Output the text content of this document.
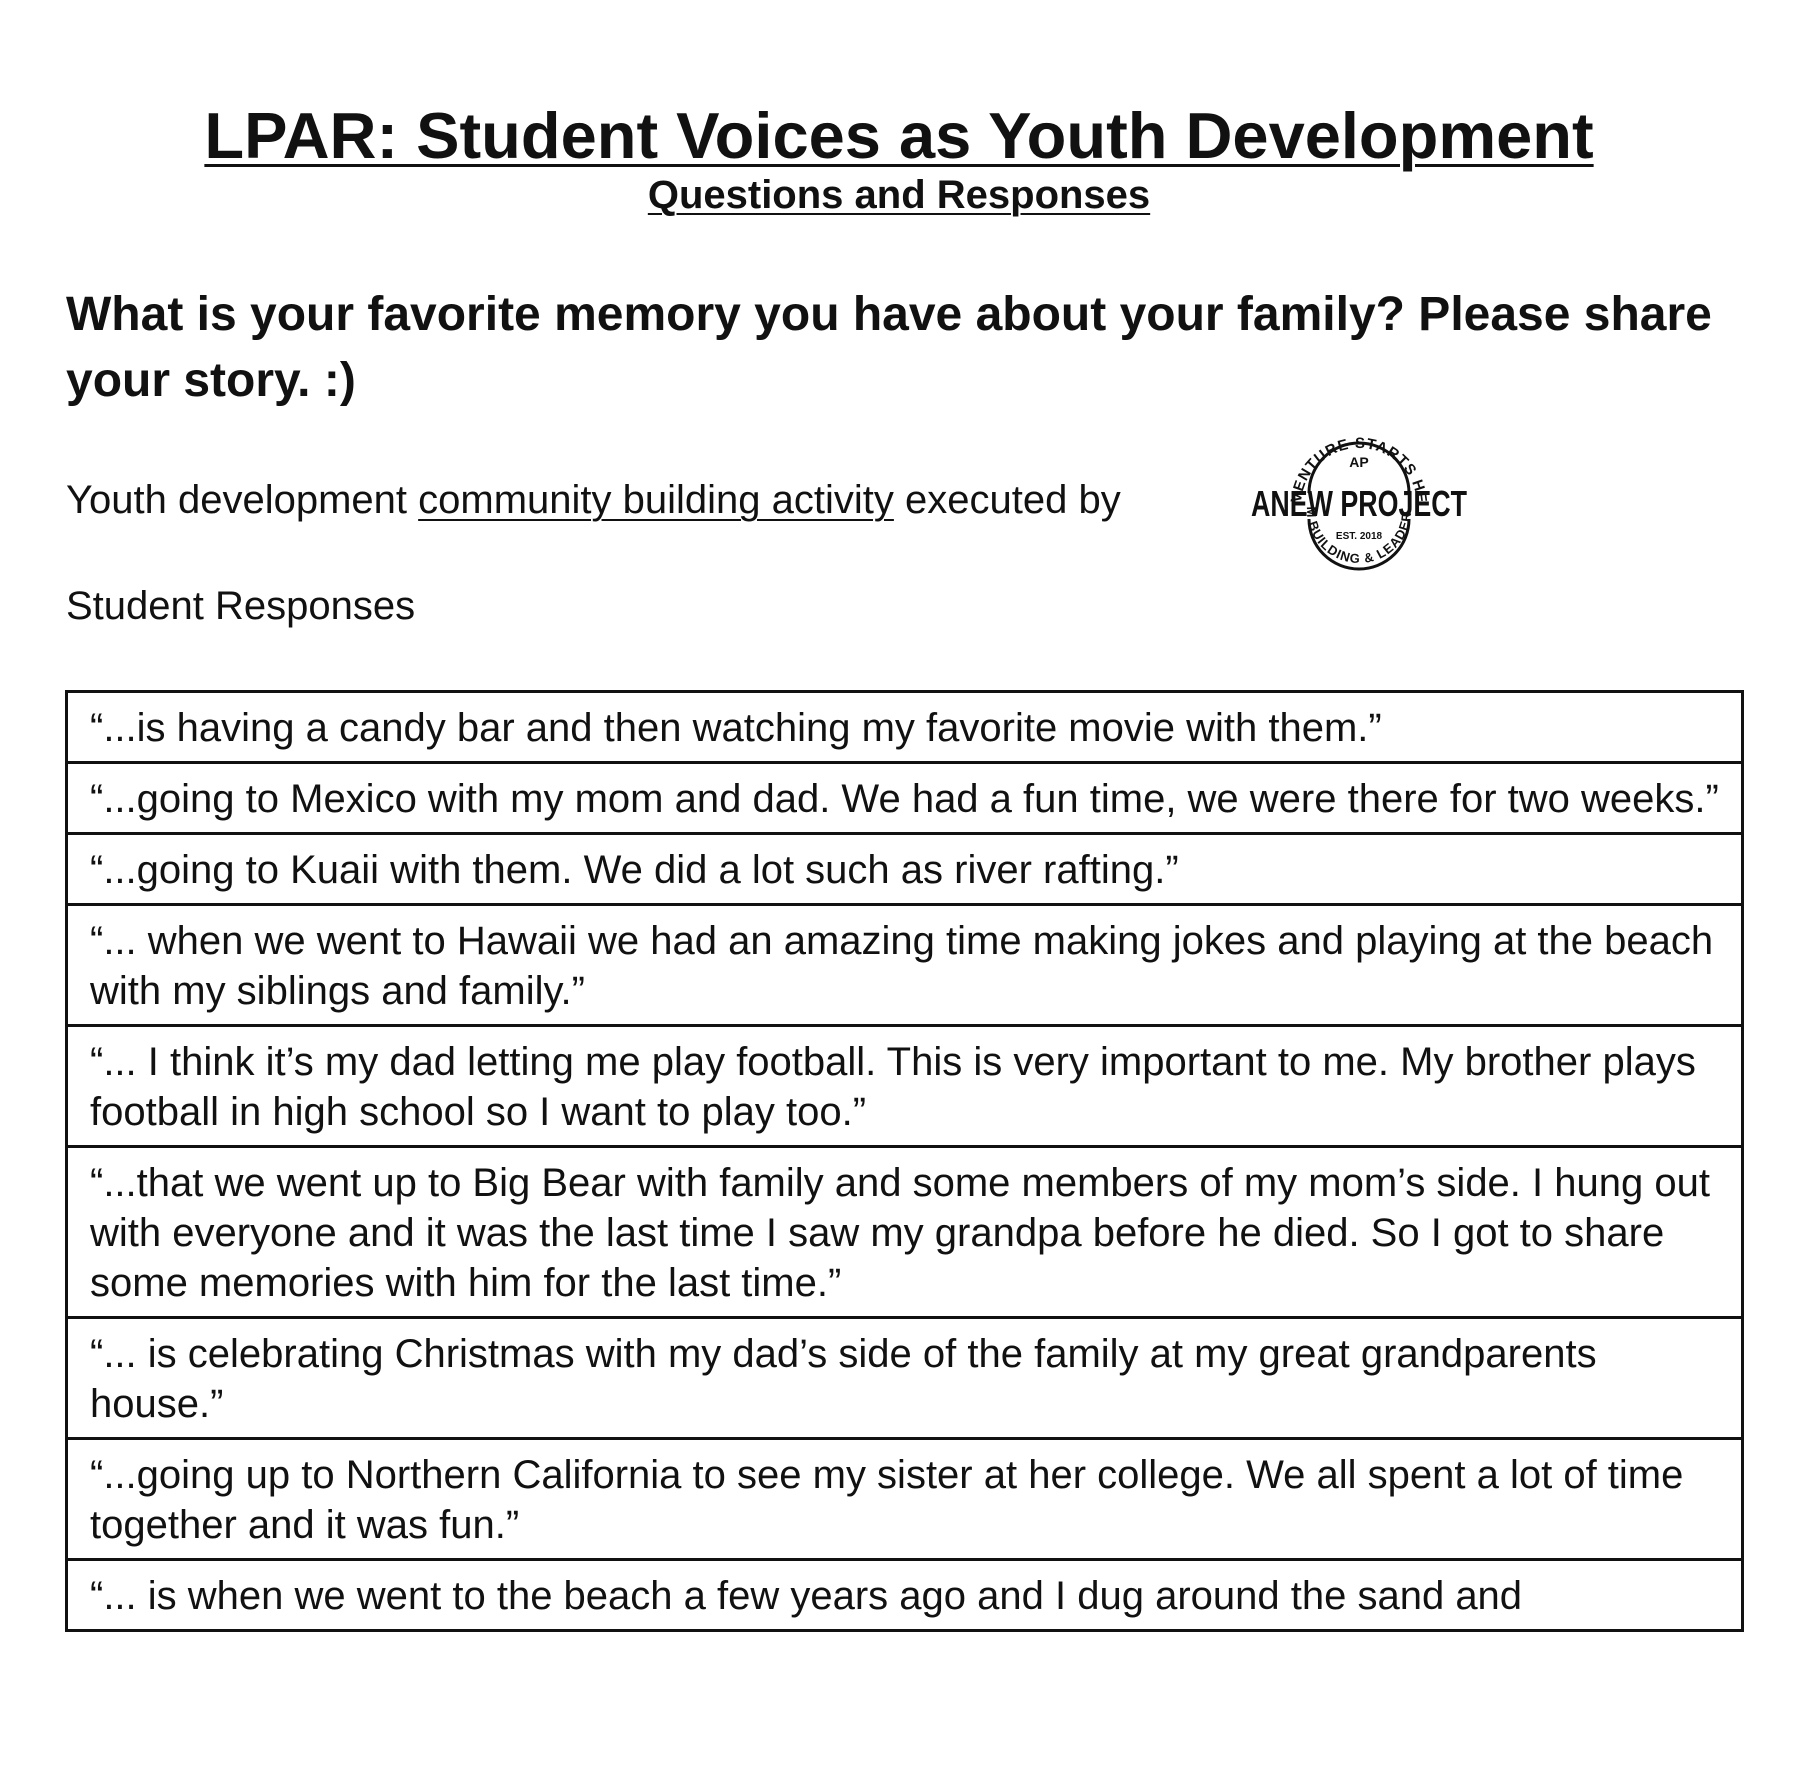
LPAR: Student Voices as Youth Development
Questions and Responses
What is your favorite memory you have about your family? Please share your story. :)
Youth development community building activity executed by	VENTURE STARTS HE
AP
ANEW PROJECT
EST. 2018
M BUILDING & LEADER
Student Responses
“...is having a candy bar and then watching my favorite movie with them.”
“...going to Mexico with my mom and dad. We had a fun time, we were there for two weeks.”
“...going to Kuaii with them. We did a lot such as river rafting.”
“... when we went to Hawaii we had an amazing time making jokes and playing at the beach with my siblings and family.”
“... I think it’s my dad letting me play football. This is very important to me. My brother plays football in high school so I want to play too.”
“...that we went up to Big Bear with family and some members of my mom’s side. I hung out with everyone and it was the last time I saw my grandpa before he died. So I got to share some memories with him for the last time.”
“... is celebrating Christmas with my dad’s side of the family at my great grandparents house.”
“...going up to Northern California to see my sister at her college. We all spent a lot of time together and it was fun.”
“... is when we went to the beach a few years ago and I dug around the sand and
